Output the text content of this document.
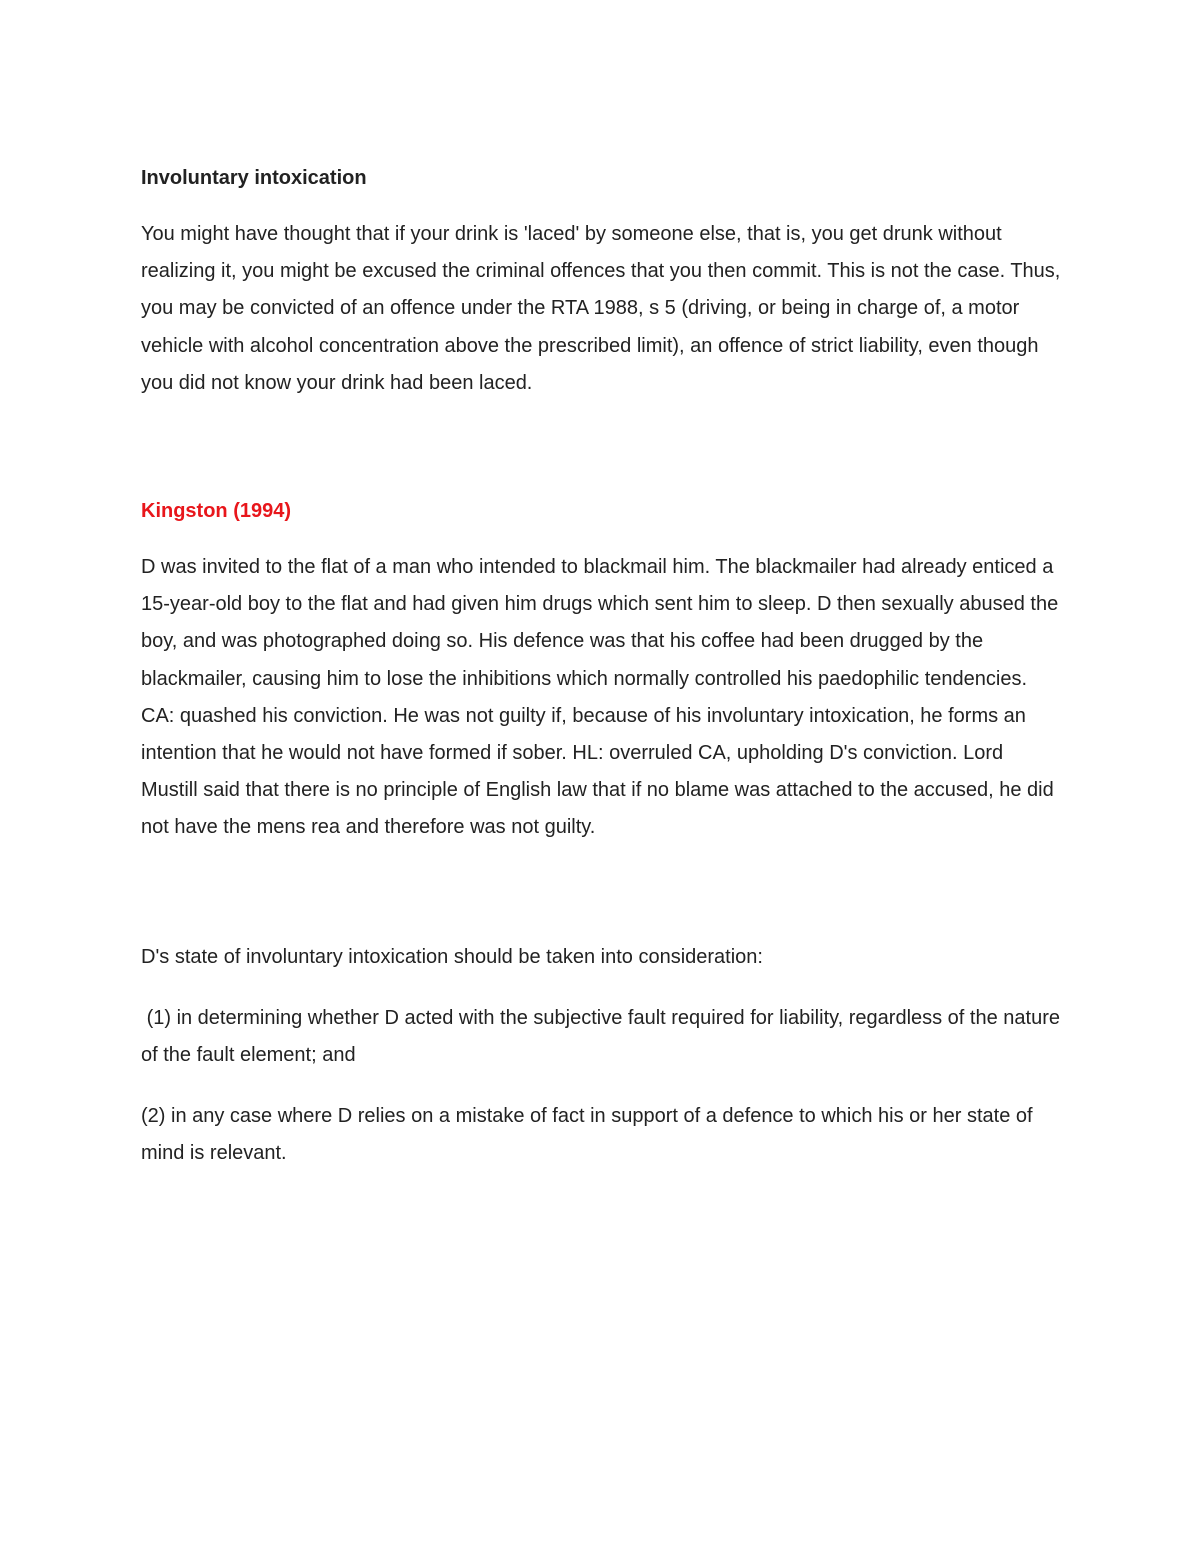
Involuntary intoxication

You might have thought that if your drink is 'laced' by someone else, that is, you get drunk without realizing it, you might be excused the criminal offences that you then commit. This is not the case. Thus, you may be convicted of an offence under the RTA 1988, s 5 (driving, or being in charge of, a motor vehicle with alcohol concentration above the prescribed limit), an offence of strict liability, even though you did not know your drink had been laced.

Kingston (1994)

D was invited to the flat of a man who intended to blackmail him. The blackmailer had already enticed a 15-year-old boy to the flat and had given him drugs which sent him to sleep. D then sexually abused the boy, and was photographed doing so. His defence was that his coffee had been drugged by the blackmailer, causing him to lose the inhibitions which normally controlled his paedophilic tendencies. CA: quashed his conviction. He was not guilty if, because of his involuntary intoxication, he forms an intention that he would not have formed if sober. HL: overruled CA, upholding D's conviction. Lord Mustill said that there is no principle of English law that if no blame was attached to the accused, he did not have the mens rea and therefore was not guilty.

D's state of involuntary intoxication should be taken into consideration:

(1) in determining whether D acted with the subjective fault required for liability, regardless of the nature of the fault element; and

(2) in any case where D relies on a mistake of fact in support of a defence to which his or her state of mind is relevant.
